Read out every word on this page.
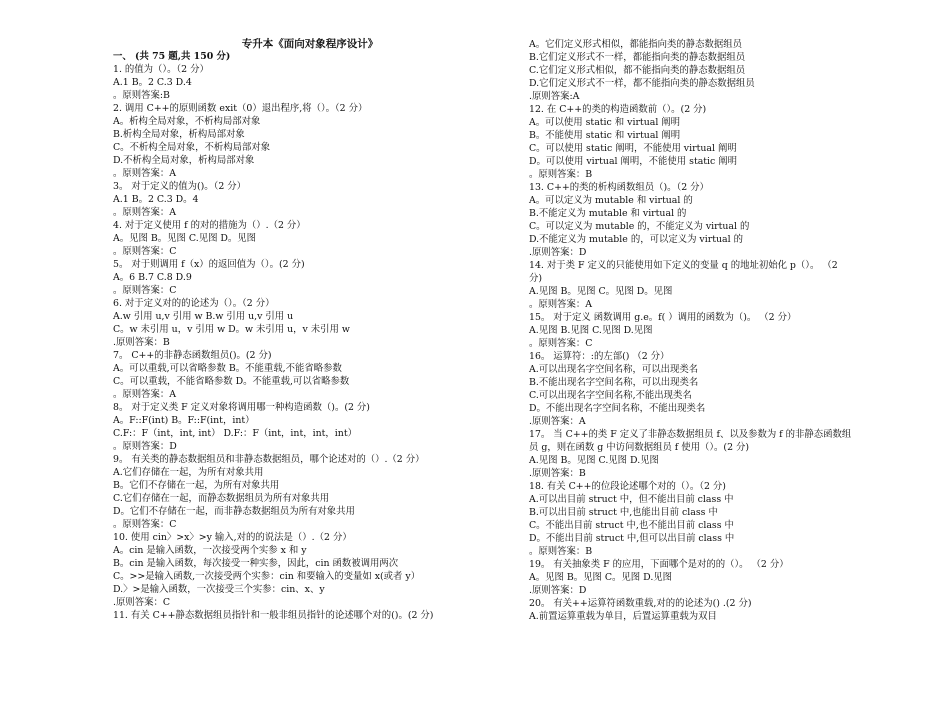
专升本《面向对象程序设计》
一、 (共 75 题,共 150 分)
1. 的值为（）。（2 分）
A.1 B。2 C.3 D.4
。原则答案:B
2. 调用 C++的原则函数 exit（0）退出程序,将（）。（2 分）
A。析构全局对象，不析构局部对象
B.析构全局对象，析构局部对象
C。不析构全局对象，不析构局部对象
D.不析构全局对象，析构局部对象
。原则答案：A
3。 对于定义的值为()。（2 分）
A.1 B。2 C.3 D。4
。原则答案：A
4. 对于定义使用 f 的对的措施为（）.（2 分）
A。见图 B。见图 C.见图 D。见图
。原则答案：C
5。 对于则调用 f（x）的返回值为（）。(2 分)
A。6 B.7 C.8 D.9
。原则答案：C
6. 对于定义对的的论述为（）。（2 分）
A.w 引用 u,v 引用 w B.w 引用 u,v 引用 u
C。w 未引用 u，v 引用 w D。w 未引用 u，v 未引用 w
.原则答案：B
7。 C++的非静态函数组员()。(2 分)
A。可以重载,可以省略参数 B。不能重载,不能省略参数
C。可以重载，不能省略参数 D。不能重载,可以省略参数
。原则答案：A
8。 对于定义类 F 定义对象将调用哪一种构造函数（)。(2 分)
A。F::F(int) B。F::F(int，int）
C.F:：F（int，int, int） D.F:：F（int，int，int，int）
。原则答案：D
9。 有关类的静态数据组员和非静态数据组员，哪个论述对的（）.（2 分）
A.它们存储在一起，为所有对象共用
B。它们不存储在一起，为所有对象共用
C.它们存储在一起，而静态数据组员为所有对象共用
D。它们不存储在一起，而非静态数据组员为所有对象共用
。原则答案：C
10. 使用 cin〉>x〉>y 输入,对的的说法是（）.（2 分）
A。cin 是输入函数，一次接受两个实参 x 和 y
B。cin 是输入函数，每次接受一种实参，因此，cin 函数被调用两次
C。>>是输入函数,一次接受两个实参：cin 和要输入的变量如 x(或者 y）
D.〉>是输入函数，一次接受三个实参：cin、x、y
.原则答案：C
11. 有关 C++静态数据组员指针和一般非组员指针的论述哪个对的()。(2 分)
A。它们定义形式相似，都能指向类的静态数据组员
B.它们定义形式不一样，都能指向类的静态数据组员
C.它们定义形式相似，都不能指向类的静态数据组员
D.它们定义形式不一样，都不能指向类的静态数据组员
.原则答案:A
12. 在 C++的类的构造函数前（）。(2 分)
A。可以使用 static 和 virtual 阐明
B。不能使用 static 和 virtual 阐明
C。可以使用 static 阐明，不能使用 virtual 阐明
D。可以使用 virtual 阐明，不能使用 static 阐明
。原则答案：B
13. C++的类的析构函数组员（)。（2 分）
A。可以定义为 mutable 和 virtual 的
B.不能定义为 mutable 和 virtual 的
C。可以定义为 mutable 的，不能定义为 virtual 的
D.不能定义为 mutable 的，可以定义为 virtual 的
.原则答案：D
14. 对于类 F 定义的只能使用如下定义的变量 q 的地址初始化 p（）。 （2
分)
A.见图 B。见图 C。见图 D。见图
。原则答案：A
15。 对于定义 函数调用 g.e。f( ）调用的函数为（)。 （2 分）
A.见图 B.见图 C.见图 D.见图
。原则答案：C
16。 运算符：:的左部() （2 分）
A.可以出现名字空间名称，可以出现类名
B.不能出现名字空间名称，可以出现类名
C.可以出现名字空间名称,不能出现类名
D。不能出现名字空间名称，不能出现类名
.原则答案：A
17。 当 C++的类 F 定义了非静态数据组员 f、以及参数为 f 的非静态函数组
员 g，则在函数 g 中访问数据组员 f 使用（）。(2 分)
A.见图 B。见图 C.见图 D.见图
.原则答案：B
18. 有关 C++的位段论述哪个对的（）。（2 分)
A.可以出目前 struct 中，但不能出目前 class 中
B.可以出目前 struct 中,也能出目前 class 中
C。不能出目前 struct 中,也不能出目前 class 中
D。不能出目前 struct 中,但可以出目前 class 中
。原则答案：B
19。 有关抽象类 F 的应用，下面哪个是对的的（）。 （2 分）
A。见图 B。见图 C。见图 D.见图
.原则答案：D
20。 有关++运算符函数重载,对的的论述为() .(2 分)
A.前置运算重载为单目，后置运算重载为双目
